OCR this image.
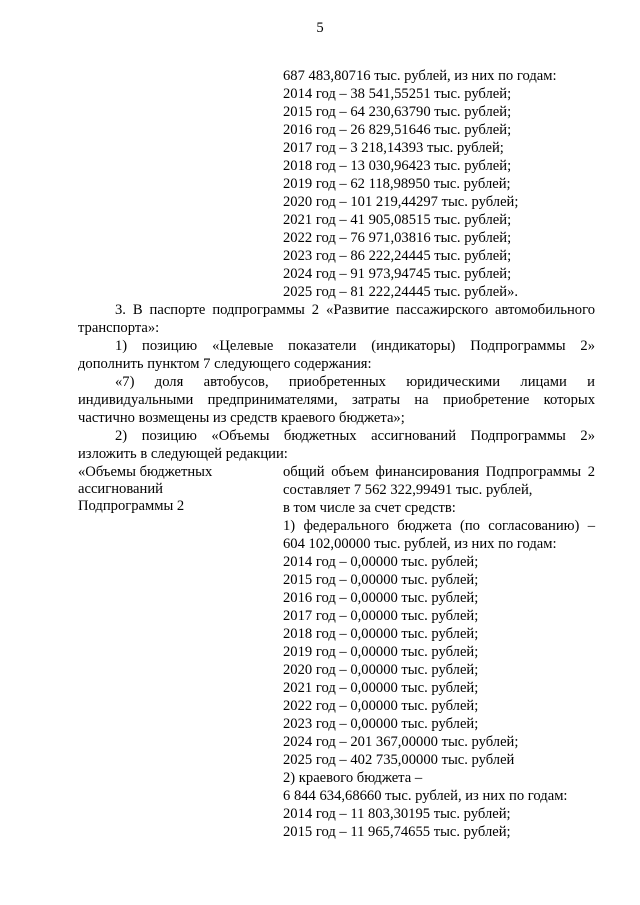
5
687 483,80716 тыс. рублей, из них по годам:
2014 год – 38 541,55251 тыс. рублей;
2015 год – 64 230,63790 тыс. рублей;
2016 год – 26 829,51646 тыс. рублей;
2017 год – 3 218,14393 тыс. рублей;
2018 год – 13 030,96423 тыс. рублей;
2019 год – 62 118,98950 тыс. рублей;
2020 год – 101 219,44297 тыс. рублей;
2021 год – 41 905,08515 тыс. рублей;
2022 год – 76 971,03816 тыс. рублей;
2023 год – 86 222,24445 тыс. рублей;
2024 год – 91 973,94745 тыс. рублей;
2025 год – 81 222,24445 тыс. рублей».
3. В паспорте подпрограммы 2 «Развитие пассажирского автомобильного
транспорта»:
1) позицию «Целевые показатели (индикаторы) Подпрограммы 2»
дополнить пунктом 7 следующего содержания:
«7) доля автобусов, приобретенных юридическими лицами и
индивидуальными предпринимателями, затраты на приобретение которых
частично возмещены из средств краевого бюджета»;
2) позицию «Объемы бюджетных ассигнований Подпрограммы 2»
изложить в следующей редакции:
«Объемы бюджетных
ассигнований
Подпрограммы 2
общий объем финансирования Подпрограммы 2
составляет 7 562 322,99491 тыс. рублей,
в том числе за счет средств:
1) федерального бюджета (по согласованию) –
604 102,00000 тыс. рублей, из них по годам:
2014 год – 0,00000 тыс. рублей;
2015 год – 0,00000 тыс. рублей;
2016 год – 0,00000 тыс. рублей;
2017 год – 0,00000 тыс. рублей;
2018 год – 0,00000 тыс. рублей;
2019 год – 0,00000 тыс. рублей;
2020 год – 0,00000 тыс. рублей;
2021 год – 0,00000 тыс. рублей;
2022 год – 0,00000 тыс. рублей;
2023 год – 0,00000 тыс. рублей;
2024 год – 201 367,00000 тыс. рублей;
2025 год – 402 735,00000 тыс. рублей
2) краевого бюджета –
6 844 634,68660 тыс. рублей, из них по годам:
2014 год – 11 803,30195 тыс. рублей;
2015 год – 11 965,74655 тыс. рублей;
